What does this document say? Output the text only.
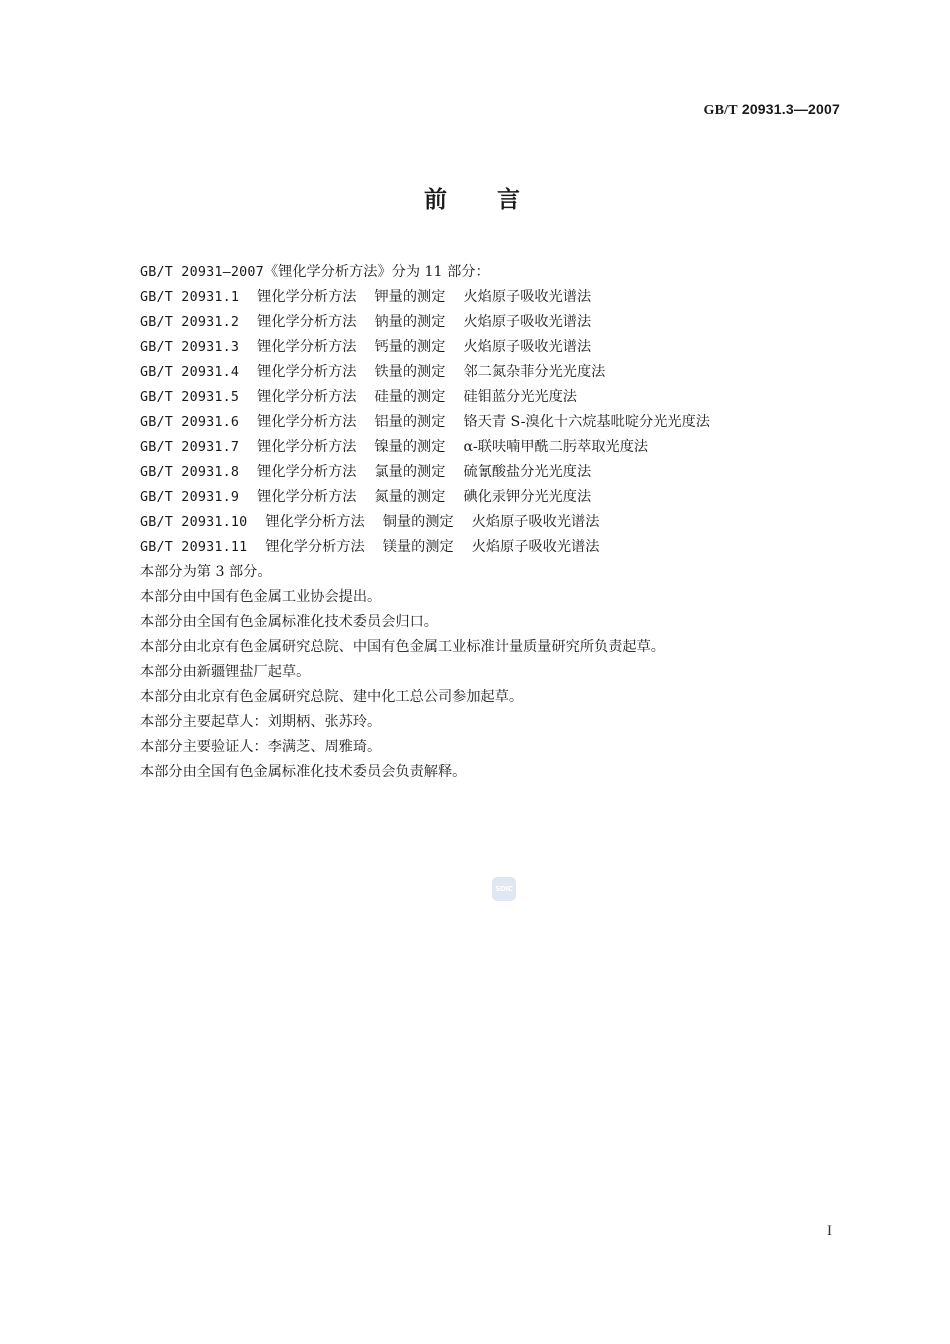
GB/T 20931.3—2007
前言
GB/T 20931—2007《锂化学分析方法》分为 11 部分：
GB/T 20931.1 锂化学分析方法 钾量的测定 火焰原子吸收光谱法
GB/T 20931.2 锂化学分析方法 钠量的测定 火焰原子吸收光谱法
GB/T 20931.3 锂化学分析方法 钙量的测定 火焰原子吸收光谱法
GB/T 20931.4 锂化学分析方法 铁量的测定 邻二氮杂菲分光光度法
GB/T 20931.5 锂化学分析方法 硅量的测定 硅钼蓝分光光度法
GB/T 20931.6 锂化学分析方法 铝量的测定 铬天青 S-溴化十六烷基吡啶分光光度法
GB/T 20931.7 锂化学分析方法 镍量的测定 α-联呋喃甲酰二肟萃取光度法
GB/T 20931.8 锂化学分析方法 氯量的测定 硫氰酸盐分光光度法
GB/T 20931.9 锂化学分析方法 氮量的测定 碘化汞钾分光光度法
GB/T 20931.10 锂化学分析方法 铜量的测定 火焰原子吸收光谱法
GB/T 20931.11 锂化学分析方法 镁量的测定 火焰原子吸收光谱法
本部分为第 3 部分。
本部分由中国有色金属工业协会提出。
本部分由全国有色金属标准化技术委员会归口。
本部分由北京有色金属研究总院、中国有色金属工业标准计量质量研究所负责起草。
本部分由新疆锂盐厂起草。
本部分由北京有色金属研究总院、建中化工总公司参加起草。
本部分主要起草人：刘期柄、张苏玲。
本部分主要验证人：李满芝、周雅琦。
本部分由全国有色金属标准化技术委员会负责解释。
SDIC
I
